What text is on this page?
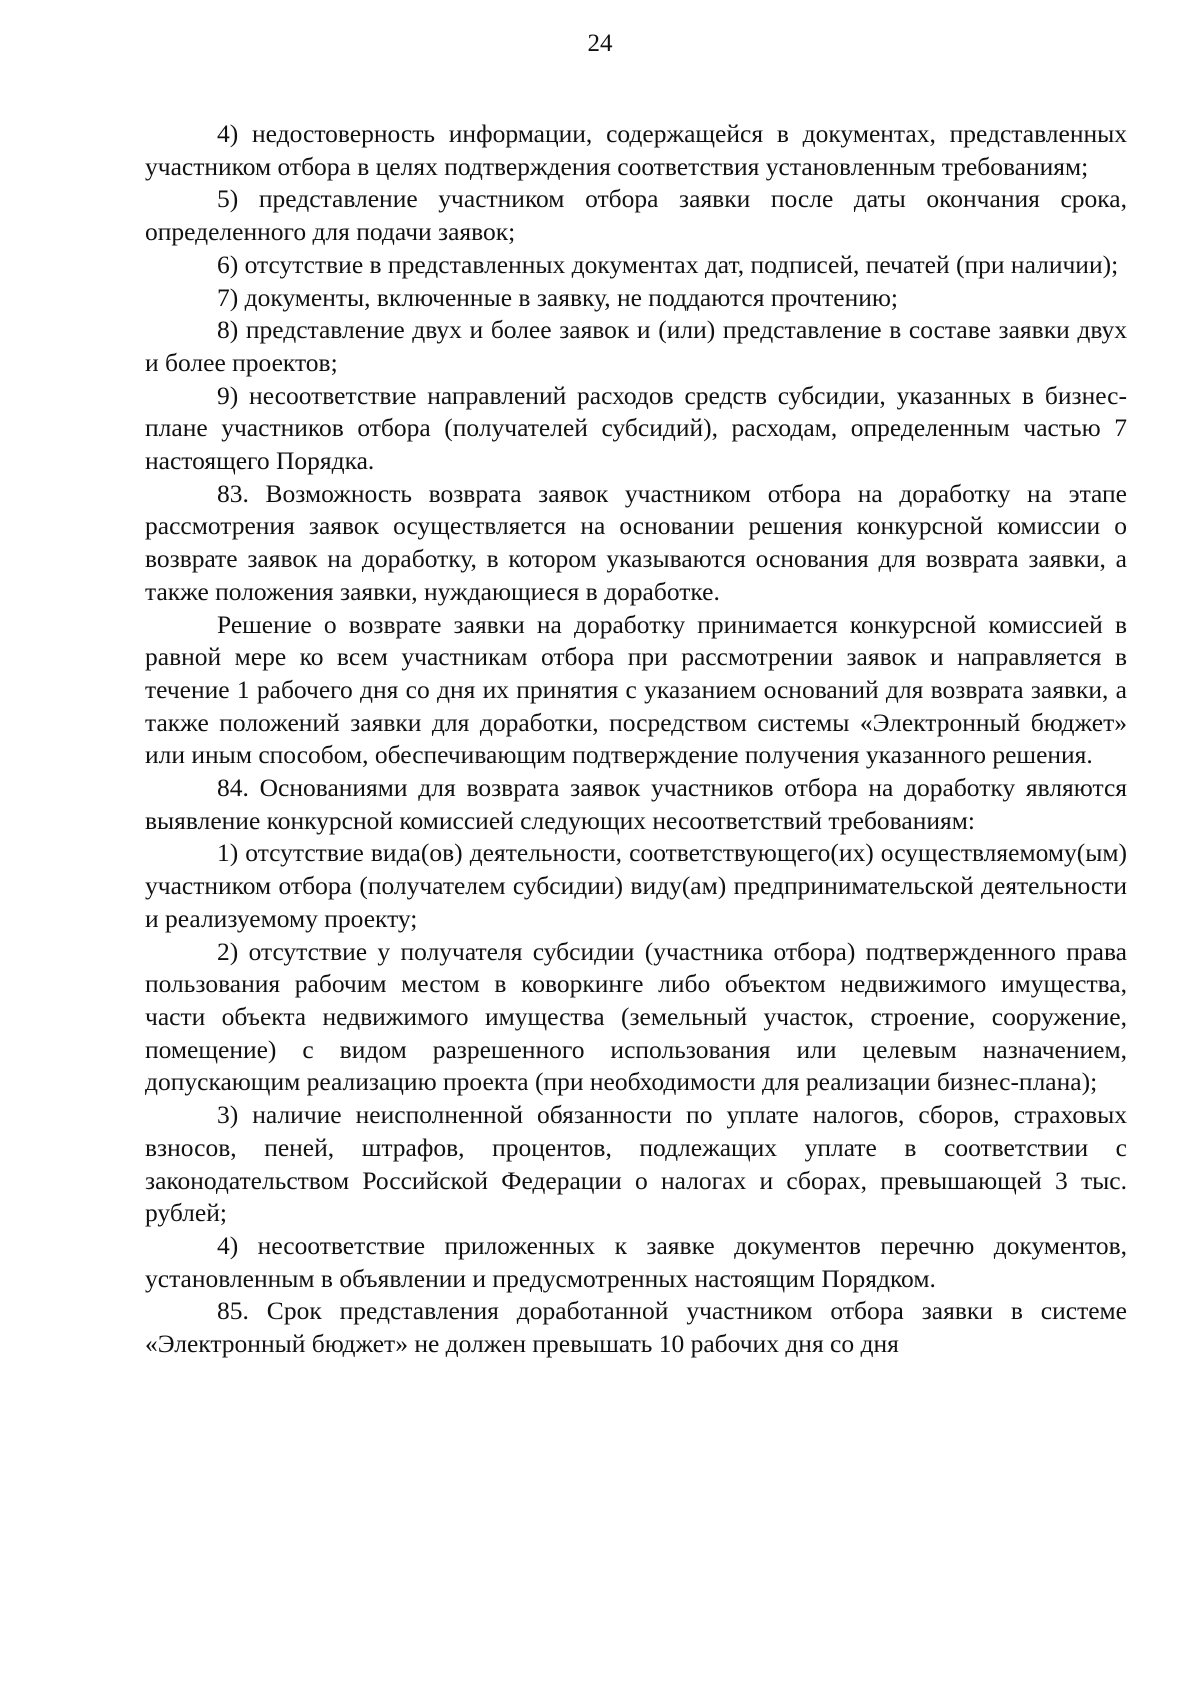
24

4) недостоверность информации, содержащейся в документах, представленных участником отбора в целях подтверждения соответствия установленным требованиям;

5) представление участником отбора заявки после даты окончания срока, определенного для подачи заявок;

6) отсутствие в представленных документах дат, подписей, печатей (при наличии);

7) документы, включенные в заявку, не поддаются прочтению;

8) представление двух и более заявок и (или) представление в составе заявки двух и более проектов;

9) несоответствие направлений расходов средств субсидии, указанных в бизнес-плане участников отбора (получателей субсидий), расходам, определенным частью 7 настоящего Порядка.

83. Возможность возврата заявок участником отбора на доработку на этапе рассмотрения заявок осуществляется на основании решения конкурсной комиссии о возврате заявок на доработку, в котором указываются основания для возврата заявки, а также положения заявки, нуждающиеся в доработке.

Решение о возврате заявки на доработку принимается конкурсной комиссией в равной мере ко всем участникам отбора при рассмотрении заявок и направляется в течение 1 рабочего дня со дня их принятия с указанием оснований для возврата заявки, а также положений заявки для доработки, посредством системы «Электронный бюджет» или иным способом, обеспечивающим подтверждение получения указанного решения.

84. Основаниями для возврата заявок участников отбора на доработку являются выявление конкурсной комиссией следующих несоответствий требованиям:

1) отсутствие вида(ов) деятельности, соответствующего(их) осуществляемому(ым) участником отбора (получателем субсидии) виду(ам) предпринимательской деятельности и реализуемому проекту;

2) отсутствие у получателя субсидии (участника отбора) подтвержденного права пользования рабочим местом в коворкинге либо объектом недвижимого имущества, части объекта недвижимого имущества (земельный участок, строение, сооружение, помещение) с видом разрешенного использования или целевым назначением, допускающим реализацию проекта (при необходимости для реализации бизнес-плана);

3) наличие неисполненной обязанности по уплате налогов, сборов, страховых взносов, пеней, штрафов, процентов, подлежащих уплате в соответствии с законодательством Российской Федерации о налогах и сборах, превышающей 3 тыс. рублей;

4) несоответствие приложенных к заявке документов перечню документов, установленным в объявлении и предусмотренных настоящим Порядком.

85. Срок представления доработанной участником отбора заявки в системе «Электронный бюджет» не должен превышать 10 рабочих дня со дня
